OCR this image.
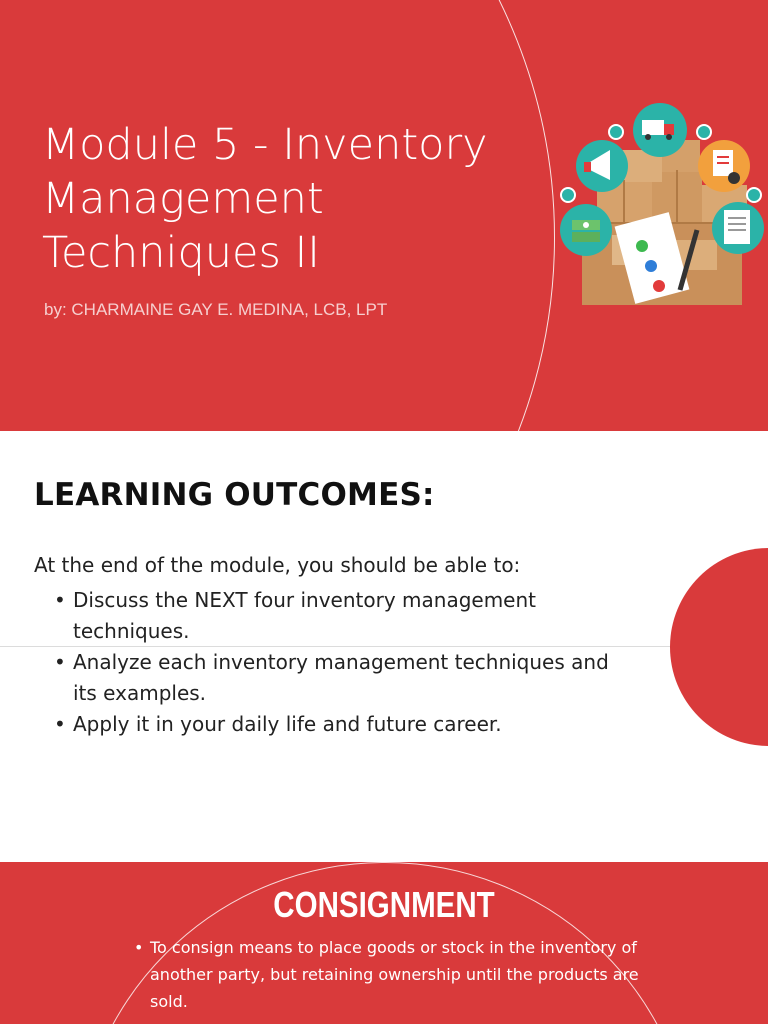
Module 5 - Inventory
Management
Techniques II
by: CHARMAINE GAY E. MEDINA, LCB, LPT
LEARNING OUTCOMES:

At the end of the module, you should be able to:

• Discuss the NEXT four inventory management techniques.
• Analyze each inventory management techniques and its examples.
• Apply it in your daily life and future career.
CONSIGNMENT
• To consign means to place goods or stock in the inventory of another party, but retaining ownership until the products are sold.
